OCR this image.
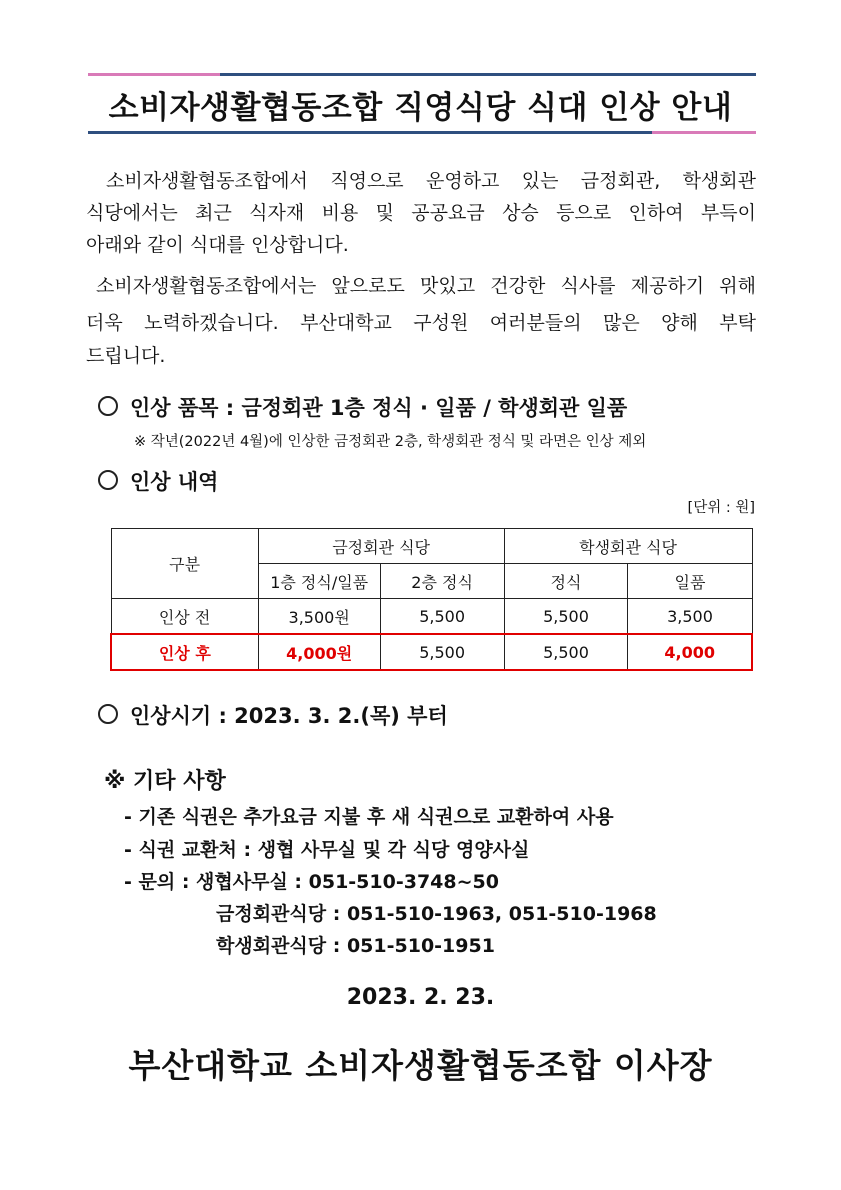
소비자생활협동조합 직영식당 식대 인상 안내

소비자생활협동조합에서 직영으로 운영하고 있는 금정회관, 학생회관

식당에서는 최근 식자재 비용 및 공공요금 상승 등으로 인하여 부득이

아래와 같이 식대를 인상합니다.

소비자생활협동조합에서는 앞으로도 맛있고 건강한 식사를 제공하기 위해

더욱 노력하겠습니다. 부산대학교 구성원 여러분들의 많은 양해 부탁

드립니다.

인상 품목 : 금정회관 1층 정식 · 일품 / 학생회관 일품
※ 작년(2022년 4월)에 인상한 금정회관 2층, 학생회관 정식 및 라면은 인상 제외
인상 내역
[단위 : 원]
구분	금정회관 식당		학생회관 식당	
	1층 정식/일품	2층 정식	정식	일품
인상 전	3,500원	5,500	5,500	3,500
인상 후	4,000원	5,500	5,500	4,000
인상시기 : 2023. 3. 2.(목) 부터
※ 기타 사항
- 기존 식권은 추가요금 지불 후 새 식권으로 교환하여 사용
- 식권 교환처 : 생협 사무실 및 각 식당 영양사실
- 문의 : 생협사무실 : 051-510-3748~50
금정회관식당 : 051-510-1963, 051-510-1968
학생회관식당 : 051-510-1951
2023. 2. 23.
부산대학교 소비자생활협동조합 이사장
